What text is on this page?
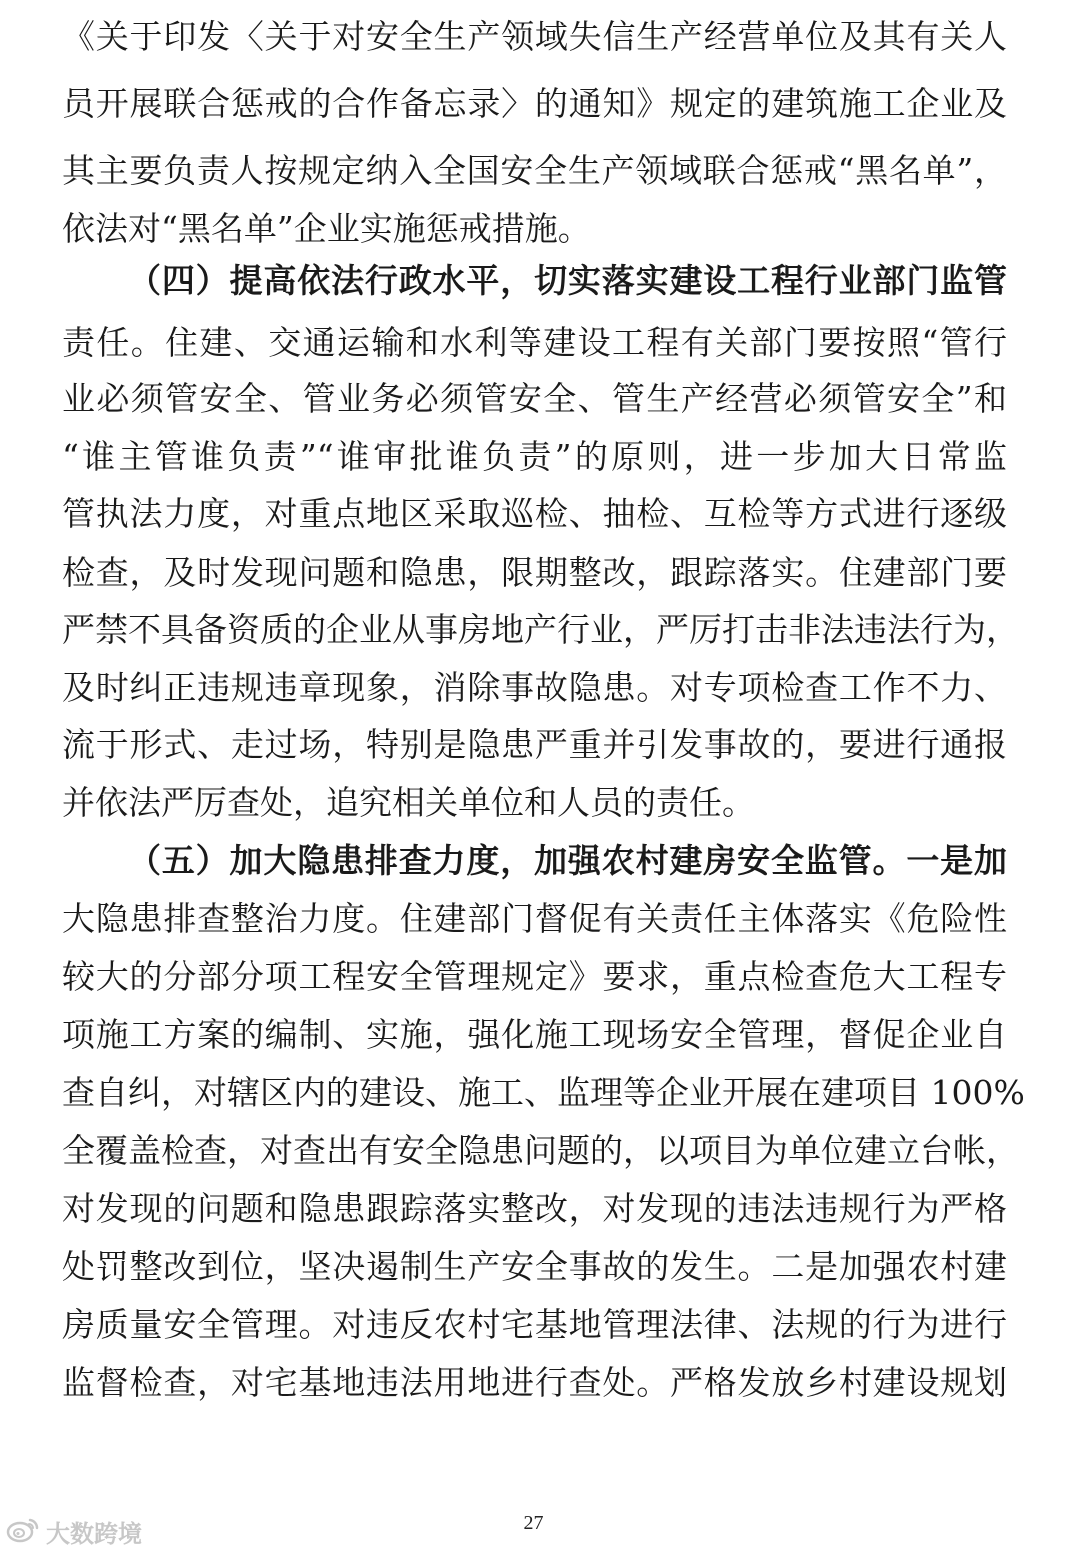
《关于印发〈关于对安全生产领域失信生产经营单位及其有关人
员开展联合惩戒的合作备忘录〉的通知》规定的建筑施工企业及
其主要负责人按规定纳入全国安全生产领域联合惩戒“黑名单”，
依法对“黑名单”企业实施惩戒措施。
（四）提高依法行政水平，切实落实建设工程行业部门监管
责任。住建、交通运输和水利等建设工程有关部门要按照“管行
业必须管安全、管业务必须管安全、管生产经营必须管安全”和
“谁主管谁负责”“谁审批谁负责”的原则，进一步加大日常监
管执法力度，对重点地区采取巡检、抽检、互检等方式进行逐级
检查，及时发现问题和隐患，限期整改，跟踪落实。住建部门要
严禁不具备资质的企业从事房地产行业，严厉打击非法违法行为，
及时纠正违规违章现象，消除事故隐患。对专项检查工作不力、
流于形式、走过场，特别是隐患严重并引发事故的，要进行通报
并依法严厉查处，追究相关单位和人员的责任。
（五）加大隐患排查力度，加强农村建房安全监管。一是加
大隐患排查整治力度。住建部门督促有关责任主体落实《危险性
较大的分部分项工程安全管理规定》要求，重点检查危大工程专
项施工方案的编制、实施，强化施工现场安全管理，督促企业自
查自纠，对辖区内的建设、施工、监理等企业开展在建项目 100%
全覆盖检查，对查出有安全隐患问题的，以项目为单位建立台帐，
对发现的问题和隐患跟踪落实整改，对发现的违法违规行为严格
处罚整改到位，坚决遏制生产安全事故的发生。二是加强农村建
房质量安全管理。对违反农村宅基地管理法律、法规的行为进行
监督检查，对宅基地违法用地进行查处。严格发放乡村建设规划
27
大数跨境
